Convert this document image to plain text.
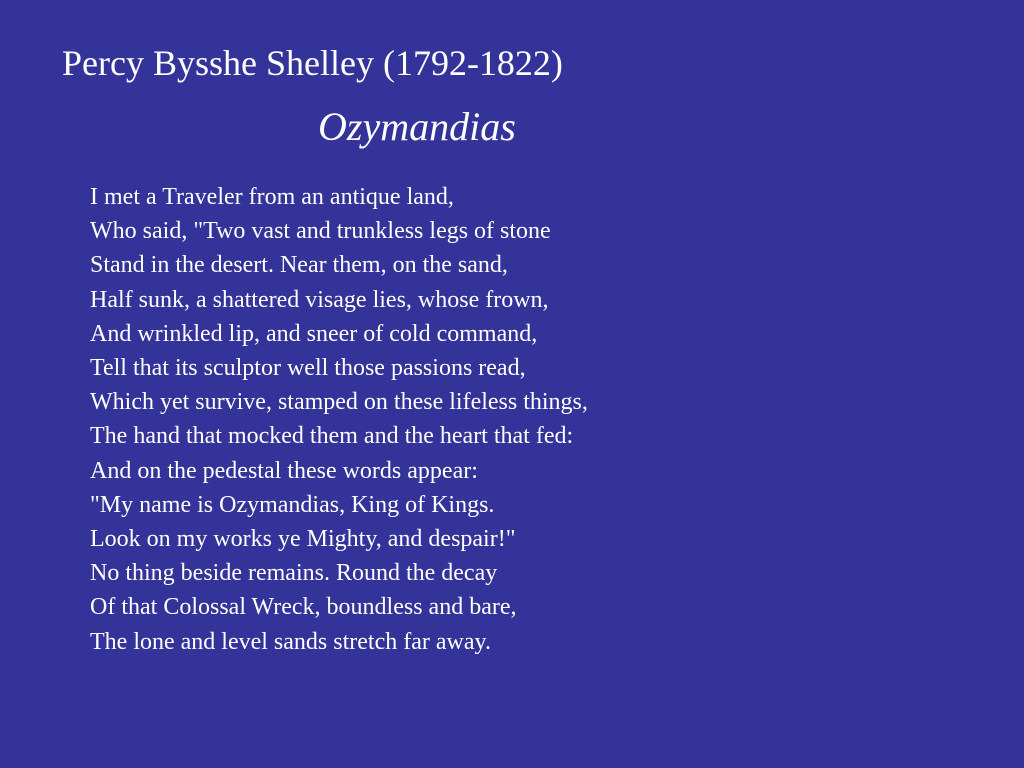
Percy Bysshe Shelley (1792-1822)
Ozymandias
I met a Traveler from an antique land,
Who said, "Two vast and trunkless legs of stone
Stand in the desert. Near them, on the sand,
Half sunk, a shattered visage lies, whose frown,
And wrinkled lip, and sneer of cold command,
Tell that its sculptor well those passions read,
Which yet survive, stamped on these lifeless things,
The hand that mocked them and the heart that fed:
And on the pedestal these words appear:
"My name is Ozymandias, King of Kings.
Look on my works ye Mighty, and despair!"
No thing beside remains. Round the decay
Of that Colossal Wreck, boundless and bare,
The lone and level sands stretch far away.
